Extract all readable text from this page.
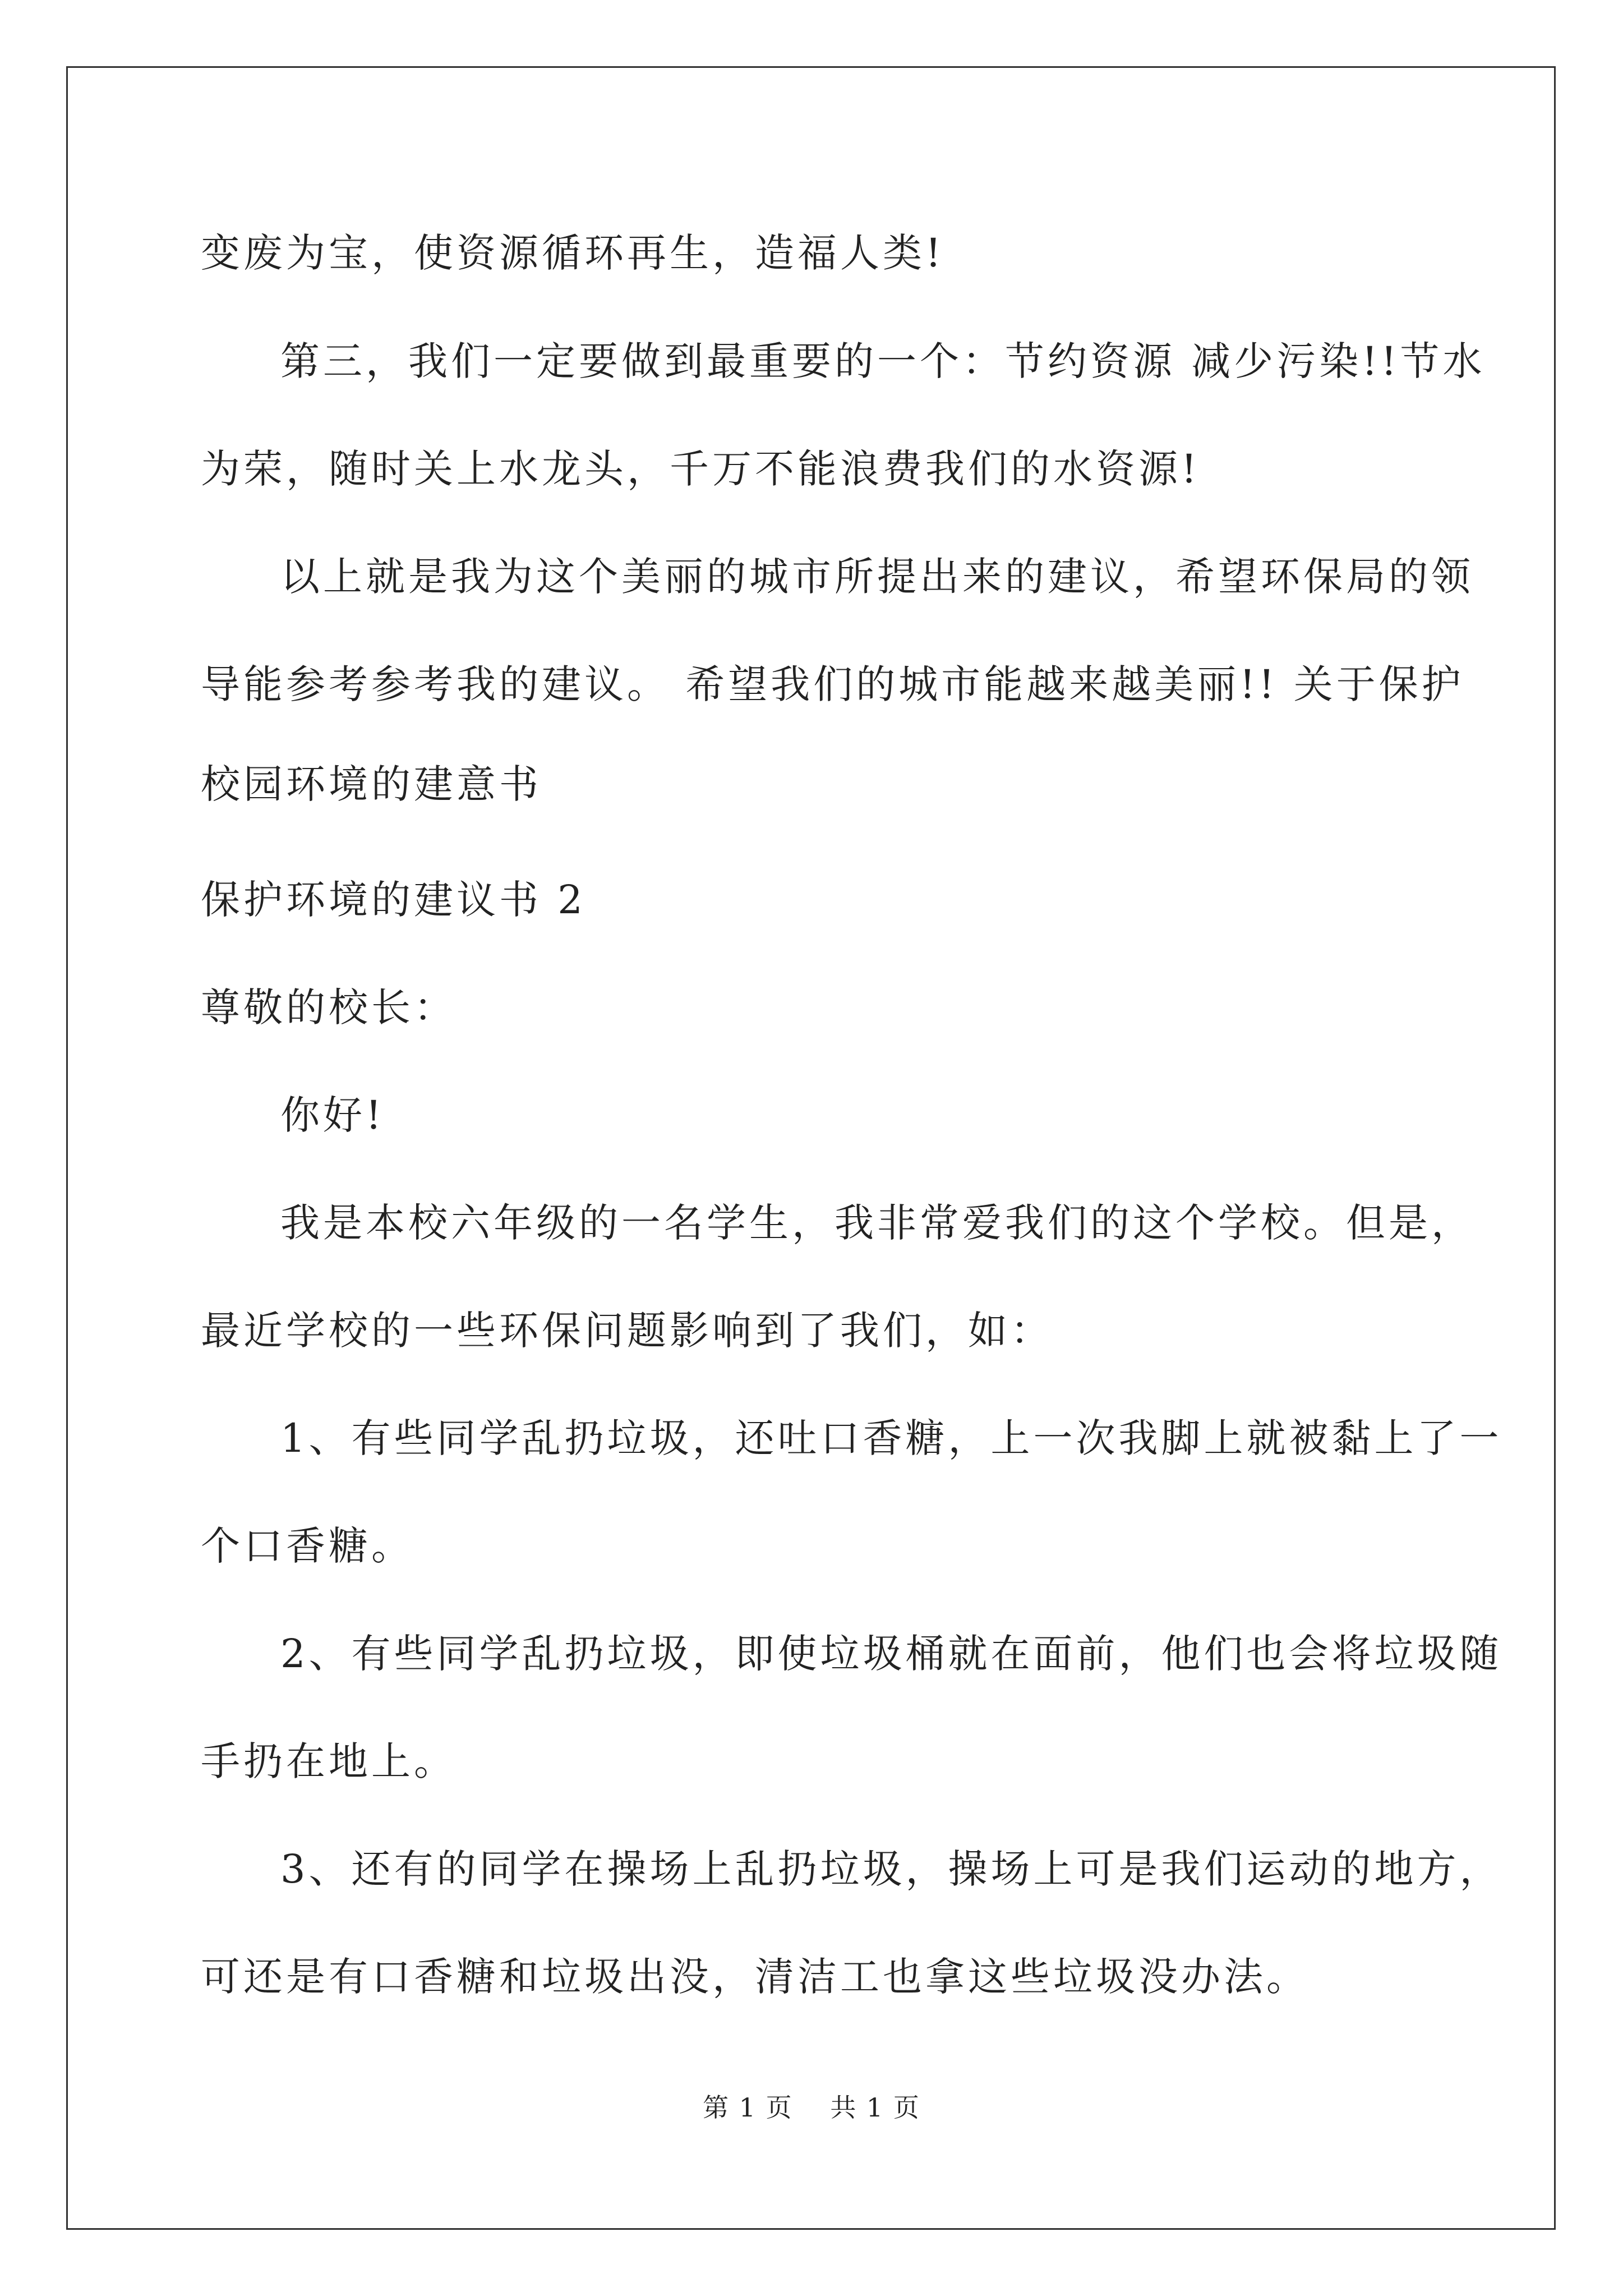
变废为宝，使资源循环再生，造福人类!
第三，我们一定要做到最重要的一个：节约资源 减少污染!!节水
为荣，随时关上水龙头，千万不能浪费我们的水资源!
以上就是我为这个美丽的城市所提出来的建议，希望环保局的领
导能参考参考我的建议。 希望我们的城市能越来越美丽!! 关于保护
校园环境的建意书
保护环境的建议书 2
尊敬的校长：
你好!
我是本校六年级的一名学生，我非常爱我们的这个学校。但是，
最近学校的一些环保问题影响到了我们，如：
1、有些同学乱扔垃圾，还吐口香糖，上一次我脚上就被黏上了一
个口香糖。
2、有些同学乱扔垃圾，即使垃圾桶就在面前，他们也会将垃圾随
手扔在地上。
3、还有的同学在操场上乱扔垃圾，操场上可是我们运动的地方，
可还是有口香糖和垃圾出没，清洁工也拿这些垃圾没办法。
第 1 页 共 1 页
